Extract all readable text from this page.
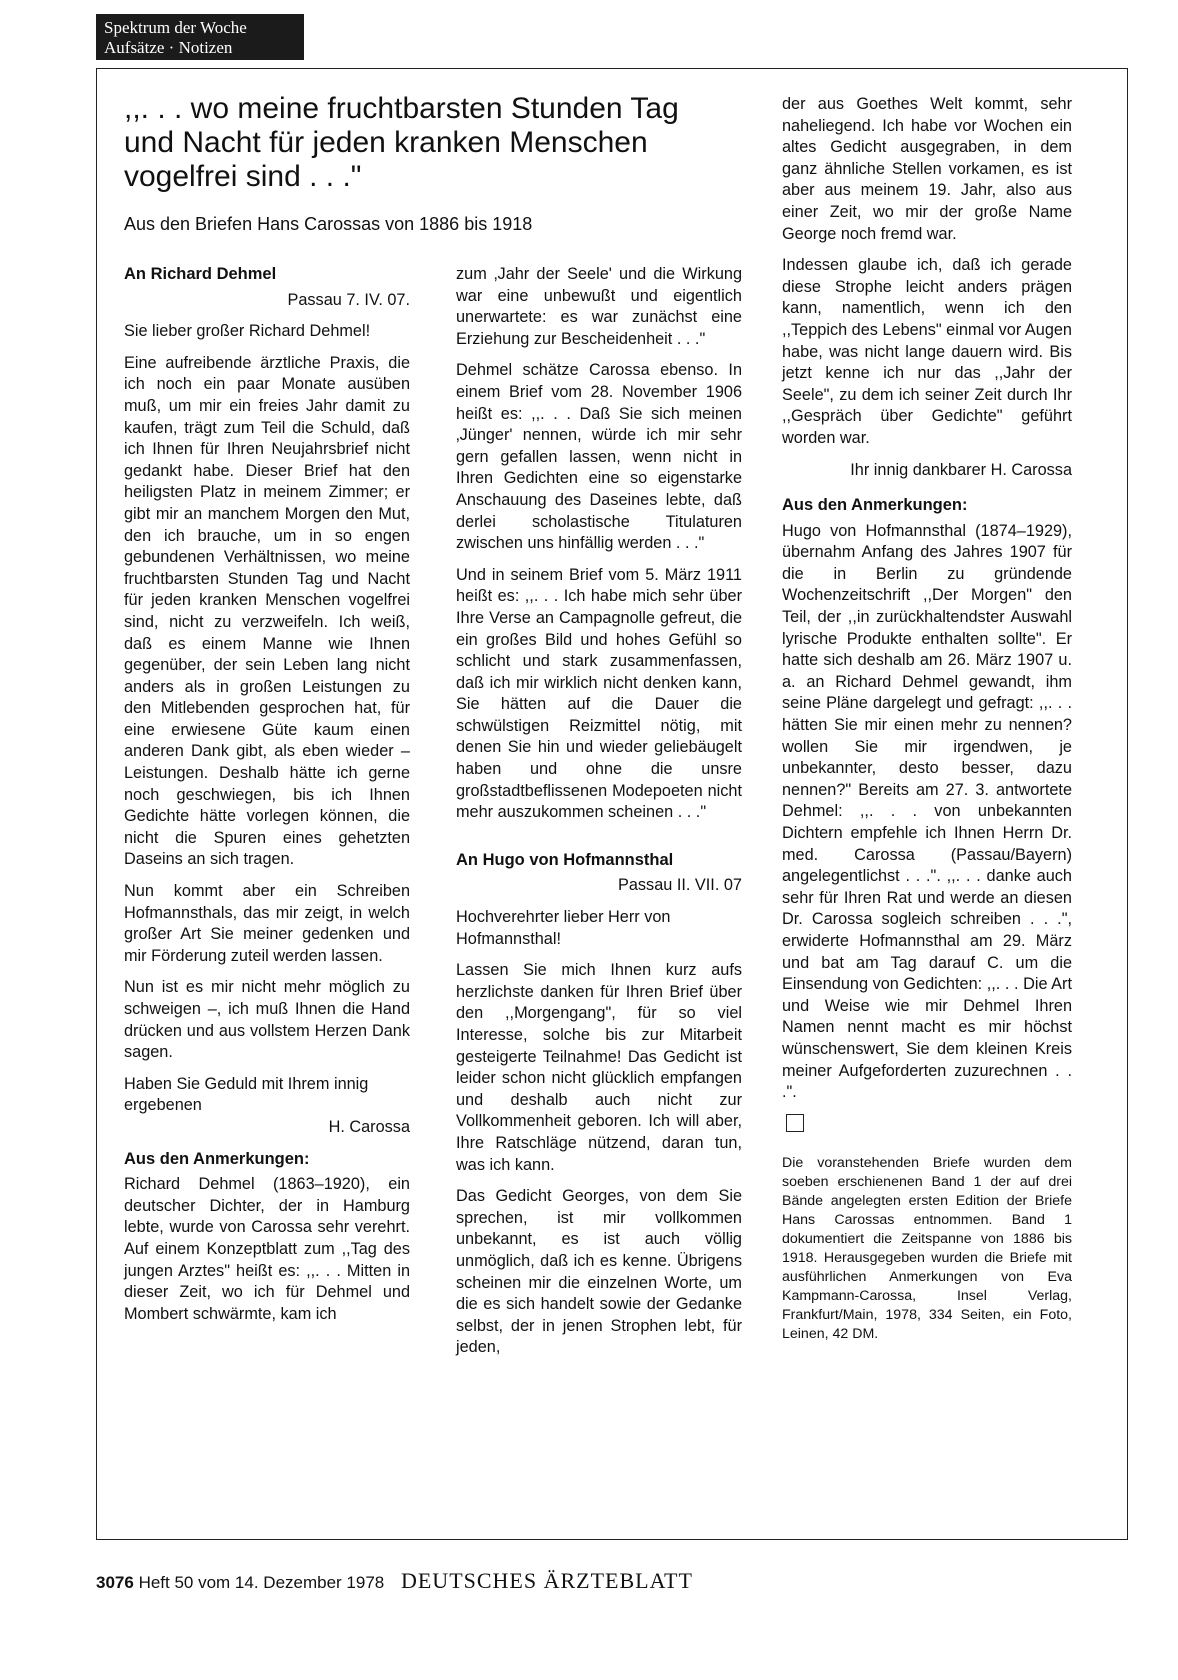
Spektrum der Woche
Aufsätze · Notizen
,,. . . wo meine fruchtbarsten Stunden Tag und Nacht für jeden kranken Menschen vogelfrei sind . . ."

Aus den Briefen Hans Carossas von 1886 bis 1918

An Richard Dehmel
Passau 7. IV. 07.

Sie lieber großer Richard Dehmel!

Eine aufreibende ärztliche Praxis, die ich noch ein paar Monate ausüben muß, um mir ein freies Jahr damit zu kaufen, trägt zum Teil die Schuld, daß ich Ihnen für Ihren Neujahrsbrief nicht gedankt habe. Dieser Brief hat den heiligsten Platz in meinem Zimmer; er gibt mir an manchem Morgen den Mut, den ich brauche, um in so engen gebundenen Verhältnissen, wo meine fruchtbarsten Stunden Tag und Nacht für jeden kranken Menschen vogelfrei sind, nicht zu verzweifeln. Ich weiß, daß es einem Manne wie Ihnen gegenüber, der sein Leben lang nicht anders als in großen Leistungen zu den Mitlebenden gesprochen hat, für eine erwiesene Güte kaum einen anderen Dank gibt, als eben wieder – Leistungen. Deshalb hätte ich gerne noch geschwiegen, bis ich Ihnen Gedichte hätte vorlegen können, die nicht die Spuren eines gehetzten Daseins an sich tragen.

Nun kommt aber ein Schreiben Hofmannsthals, das mir zeigt, in welch großer Art Sie meiner gedenken und mir Förderung zuteil werden lassen.

Nun ist es mir nicht mehr möglich zu schweigen –, ich muß Ihnen die Hand drücken und aus vollstem Herzen Dank sagen.

Haben Sie Geduld mit Ihrem innig ergebenen

H. Carossa
Aus den Anmerkungen:

Richard Dehmel (1863–1920), ein deutscher Dichter, der in Hamburg lebte, wurde von Carossa sehr verehrt. Auf einem Konzeptblatt zum ,,Tag des jungen Arztes" heißt es: ,,. . . Mitten in dieser Zeit, wo ich für Dehmel und Mombert schwärmte, kam ich

zum ‚Jahr der Seele' und die Wirkung war eine unbewußt und eigentlich unerwartete: es war zunächst eine Erziehung zur Bescheidenheit . . ."

Dehmel schätze Carossa ebenso. In einem Brief vom 28. November 1906 heißt es: ,,. . . Daß Sie sich meinen ‚Jünger' nennen, würde ich mir sehr gern gefallen lassen, wenn nicht in Ihren Gedichten eine so eigenstarke Anschauung des Daseines lebte, daß derlei scholastische Titulaturen zwischen uns hinfällig werden . . ."

Und in seinem Brief vom 5. März 1911 heißt es: ,,. . . Ich habe mich sehr über Ihre Verse an Campagnolle gefreut, die ein großes Bild und hohes Gefühl so schlicht und stark zusammenfassen, daß ich mir wirklich nicht denken kann, Sie hätten auf die Dauer die schwülstigen Reizmittel nötig, mit denen Sie hin und wieder geliebäugelt haben und ohne die unsre großstadtbeflissenen Modepoeten nicht mehr auszukommen scheinen . . ."

An Hugo von Hofmannsthal
Passau II. VII. 07

Hochverehrter lieber Herr von Hofmannsthal!

Lassen Sie mich Ihnen kurz aufs herzlichste danken für Ihren Brief über den ,,Morgengang", für so viel Interesse, solche bis zur Mitarbeit gesteigerte Teilnahme! Das Gedicht ist leider schon nicht glücklich empfangen und deshalb auch nicht zur Vollkommenheit geboren. Ich will aber, Ihre Ratschläge nützend, daran tun, was ich kann.

Das Gedicht Georges, von dem Sie sprechen, ist mir vollkommen unbekannt, es ist auch völlig unmöglich, daß ich es kenne. Übrigens scheinen mir die einzelnen Worte, um die es sich handelt sowie der Gedanke selbst, der in jenen Strophen lebt, für jeden,

der aus Goethes Welt kommt, sehr naheliegend. Ich habe vor Wochen ein altes Gedicht ausgegraben, in dem ganz ähnliche Stellen vorkamen, es ist aber aus meinem 19. Jahr, also aus einer Zeit, wo mir der große Name George noch fremd war.

Indessen glaube ich, daß ich gerade diese Strophe leicht anders prägen kann, namentlich, wenn ich den ,,Teppich des Lebens" einmal vor Augen habe, was nicht lange dauern wird. Bis jetzt kenne ich nur das ,,Jahr der Seele", zu dem ich seiner Zeit durch Ihr ,,Gespräch über Gedichte" geführt worden war.

Ihr innig dankbarer H. Carossa
Aus den Anmerkungen:

Hugo von Hofmannsthal (1874–1929), übernahm Anfang des Jahres 1907 für die in Berlin zu gründende Wochenzeitschrift ,,Der Morgen" den Teil, der ,,in zurückhaltendster Auswahl lyrische Produkte enthalten sollte". Er hatte sich deshalb am 26. März 1907 u. a. an Richard Dehmel gewandt, ihm seine Pläne dargelegt und gefragt: ,,. . . hätten Sie mir einen mehr zu nennen? wollen Sie mir irgendwen, je unbekannter, desto besser, dazu nennen?" Bereits am 27. 3. antwortete Dehmel: ,,. . . von unbekannten Dichtern empfehle ich Ihnen Herrn Dr. med. Carossa (Passau/Bayern) angelegentlichst . . .". ,,. . . danke auch sehr für Ihren Rat und werde an diesen Dr. Carossa sogleich schreiben . . .", erwiderte Hofmannsthal am 29. März und bat am Tag darauf C. um die Einsendung von Gedichten: ,,. . . Die Art und Weise wie mir Dehmel Ihren Namen nennt macht es mir höchst wünschenswert, Sie dem kleinen Kreis meiner Aufgeforderten zuzurechnen . . .".

Die voranstehenden Briefe wurden dem soeben erschienenen Band 1 der auf drei Bände angelegten ersten Edition der Briefe Hans Carossas entnommen. Band 1 dokumentiert die Zeitspanne von 1886 bis 1918. Herausgegeben wurden die Briefe mit ausführlichen Anmerkungen von Eva Kampmann-Carossa, Insel Verlag, Frankfurt/Main, 1978, 334 Seiten, ein Foto, Leinen, 42 DM.

3076 Heft 50 vom 14. Dezember 1978 DEUTSCHES ÄRZTEBLATT
